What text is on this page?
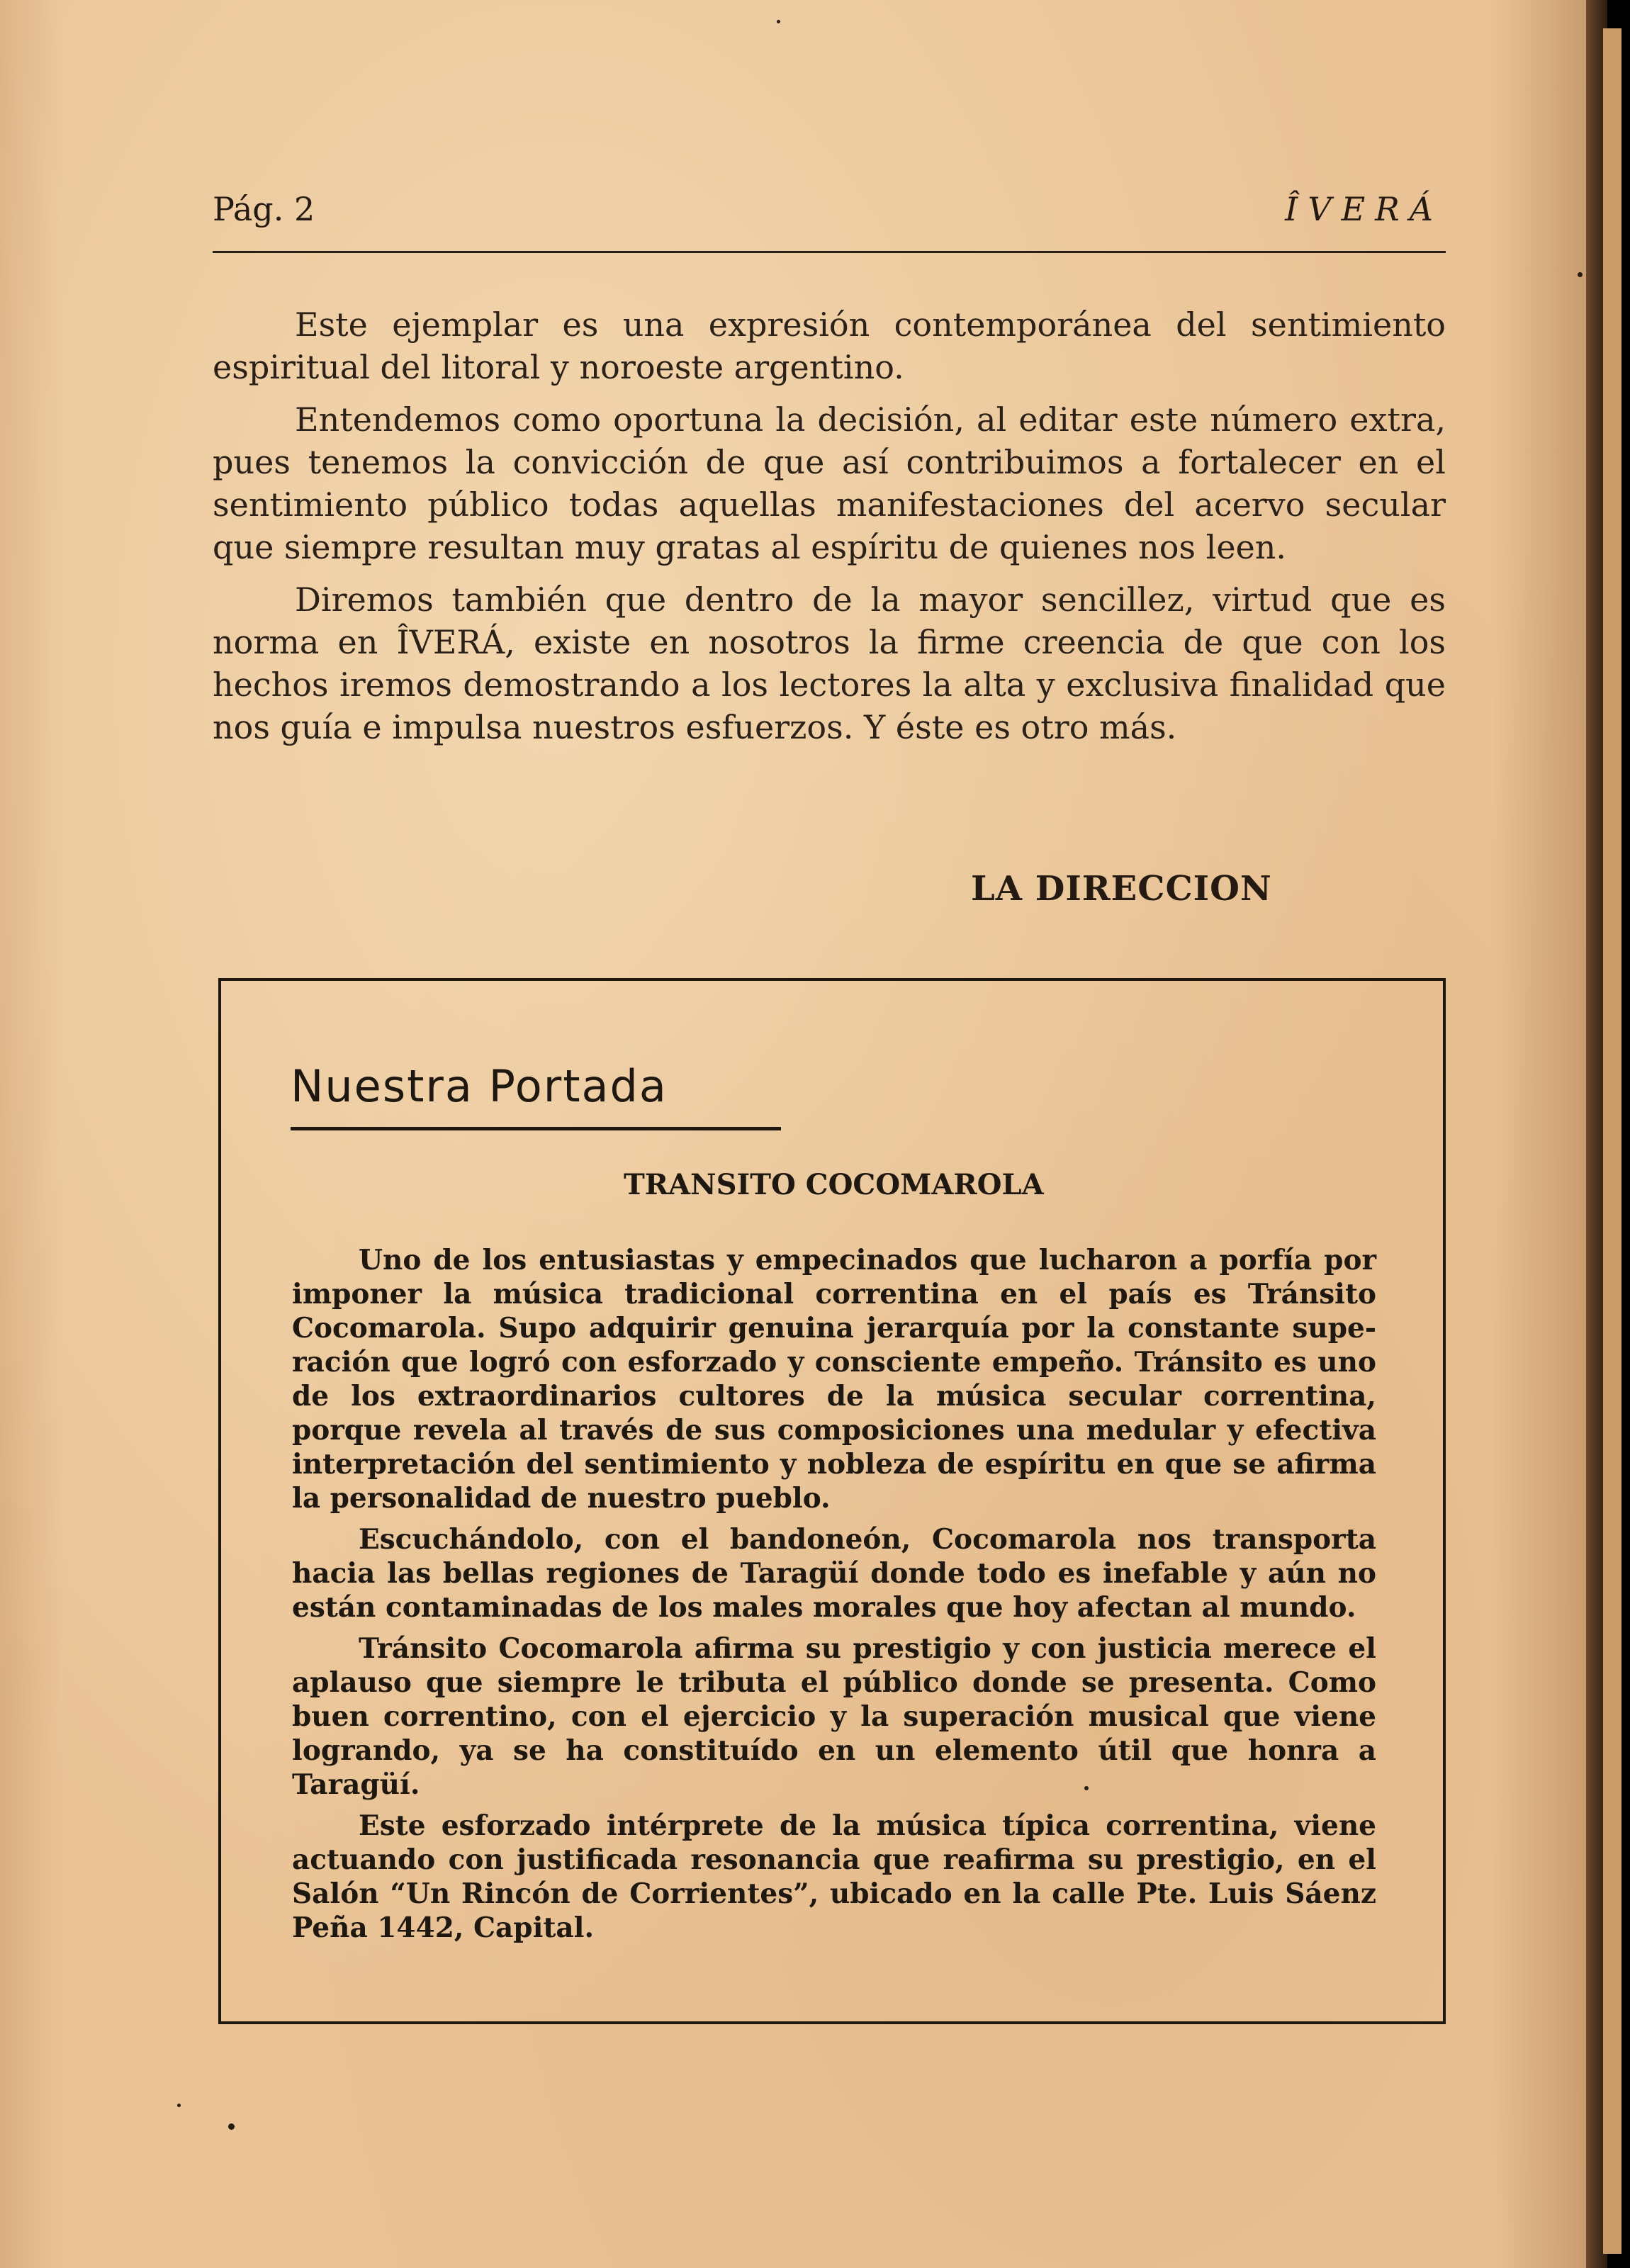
Pág. 2	ÎVERÁ

Este ejemplar es una expresión contemporánea del sentimiento espiritual del litoral y noroeste argentino.

Entendemos como oportuna la decisión, al editar este número extra, pues tenemos la convicción de que así contribuimos a fortalecer en el sentimiento público todas aquellas manifestaciones del acervo secular que siempre resultan muy gratas al espíritu de quienes nos leen.

Diremos también que dentro de la mayor sencillez, virtud que es norma en ÎVERÁ, existe en nosotros la firme creencia de que con los hechos iremos demostrando a los lectores la alta y exclusiva finalidad que nos guía e impulsa nuestros esfuerzos. Y éste es otro más.

LA DIRECCION
Nuestra Portada
TRANSITO COCOMAROLA

Uno de los entusiastas y empecinados que lucharon a porfía por imponer la música tradicional correntina en el país es Tránsito Cocomarola. Supo adquirir genuina jerarquía por la constante superación que logró con esforzado y consciente empeño. Tránsito es uno de los extraordinarios cultores de la música secular correntina, porque revela al través de sus composiciones una medular y efectiva interpretación del sentimiento y nobleza de espíritu en que se afirma la personalidad de nuestro pueblo.

Escuchándolo, con el bandoneón, Cocomarola nos transporta hacia las bellas regiones de Taragüí donde todo es inefable y aún no están contaminadas de los males morales que hoy afectan al mundo.

Tránsito Cocomarola afirma su prestigio y con justicia merece el aplauso que siempre le tributa el público donde se presenta. Como buen correntino, con el ejercicio y la superación musical que viene logrando, ya se ha constituído en un elemento útil que honra a Taragüí.

Este esforzado intérprete de la música típica correntina, viene actuando con justificada resonancia que reafirma su prestigio, en el Salón “Un Rincón de Corrientes”, ubicado en la calle Pte. Luis Sáenz Peña 1442, Capital.
